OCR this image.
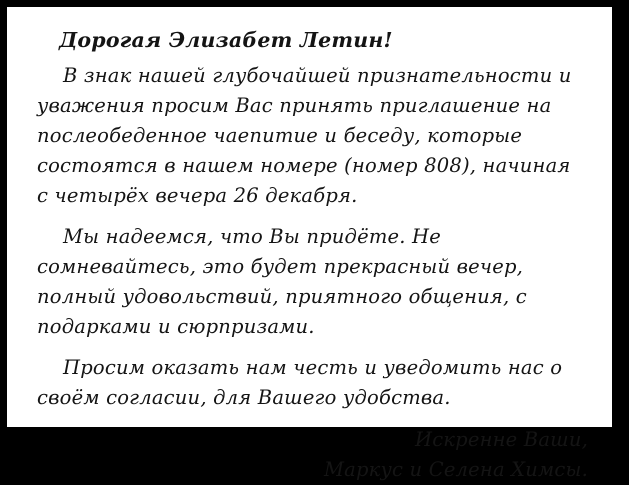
Дорогая Элизабет Летин!

В знак нашей глубочайшей признательности и уважения просим Вас принять приглашение на послеобеденное чаепитие и беседу, которые состоятся в нашем номере (номер 808), начиная с четырёх вечера 26 декабря.

Мы надеемся, что Вы придёте. Не сомневайтесь, это будет прекрасный вечер, полный удовольствий, приятного общения, с подарками и сюрпризами.

Просим оказать нам честь и уведомить нас о своём согласии, для Вашего удобства.

Искренне Ваши,
Маркус и Селена Химсы.
